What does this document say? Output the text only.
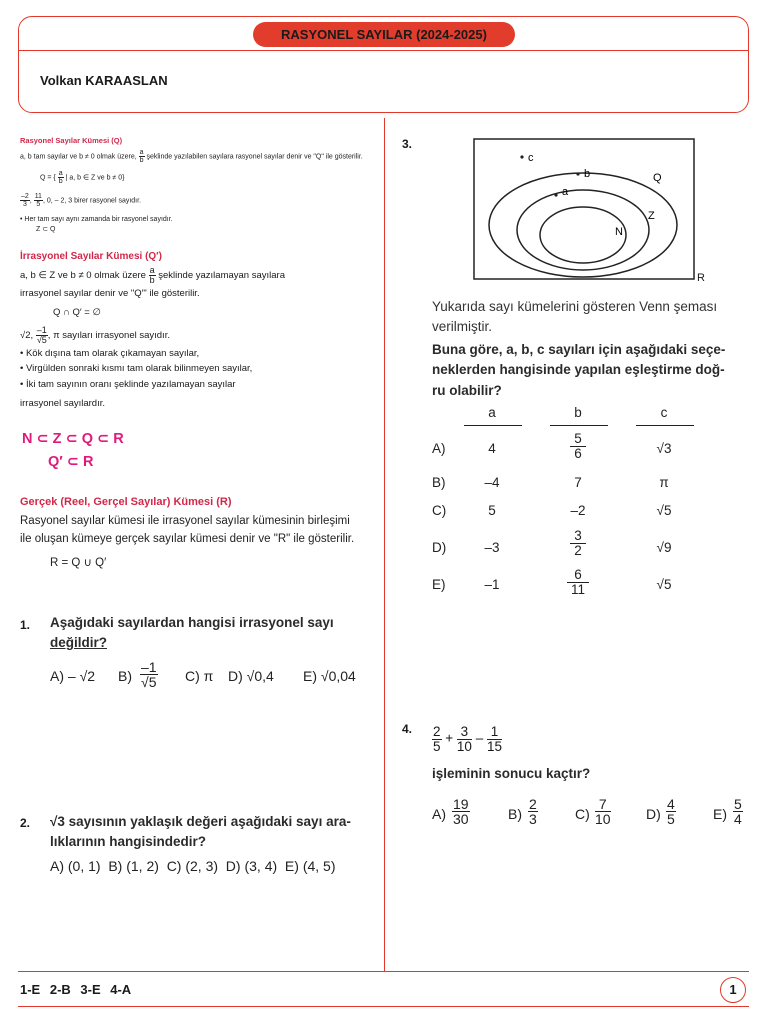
RASYONEL SAYILAR (2024-2025)
Volkan KARAASLAN
Rasyonel Sayılar Kümesi (Q)
a, b tam sayılar ve b ≠ 0 olmak üzere, $\frac{a}{b}$ şeklinde yazılabilen sayılara rasyonel sayılar denir ve "Q" ile gösterilir.
Q = { $\frac{a}{b}$ | a, b ∈ Z ve b ≠ 0}
$\frac{-2}{3}$ , $\frac{11}{5}$ , 0, – 2, 3 birer rasyonel sayıdır.
• Her tam sayı aynı zamanda bir rasyonel sayıdır.
Z ⊂ Q
İrrasyonel Sayılar Kümesi (Q′)
a, b ∈ Z ve b ≠ 0 olmak üzere $\frac{a}{b}$ şeklinde yazılamayan sayılara
irrasyonel sayılar denir ve "Q′" ile gösterilir.
Q ∩ Q′ = ∅
√2, $\frac{-1}{√5}$ , π sayıları irrasyonel sayıdır.
• Kök dışına tam olarak çıkamayan sayılar,
• Virgülden sonraki kısmı tam olarak bilinmeyen sayılar,
• İki tam sayının oranı şeklinde yazılamayan sayılar
irrasyonel sayılardır.
N ⊂ Z ⊂ Q ⊂ R
Q′ ⊂ R
Gerçek (Reel, Gerçel Sayılar) Kümesi (R)
Rasyonel sayılar kümesi ile irrasyonel sayılar kümesinin birleşimi
ile oluşan kümeye gerçek sayılar kümesi denir ve "R" ile gösterilir.
R = Q ∪ Q′
1. Aşağıdaki sayılardan hangisi irrasyonel sayı
değildir?
A) – √2 $B) \frac{-1}{√5} C$) π D) √0,4 E) √0,04
2. √3 sayısının yaklaşık değeri aşağıdaki sayı ara-
lıklarının hangisindedir?
A) (0, 1)  B) (1, 2)  C) (2, 3)  D) (3, 4)  E) (4, 5)
3.
c
b
a
Q
Z
N
R
Yukarıda sayı kümelerini gösteren Venn şeması
verilmiştir.
Buna göre, a, b, c sayıları için aşağıdaki seçe-
neklerden hangisinde yapılan eşleştirme doğ-
ru olabilir?
a	b	c
A)	4	$\frac{5}{6}$	√3
B)	–4	7	π
C)	5	–2	√5
D)	–3	$\frac{3}{2}$	√9
E)	–1	$\frac{6}{11}$	√5
4. $\frac{2}{5} + \frac{3}{10} - \frac{1}{15}$
işleminin sonucu kaçtır?
$A) \frac{19}{30}$	$B) \frac{2}{3}$	$C) \frac{7}{10}$	$D) \frac{4}{5}$	$E) \frac{5}{4}$
1-E 2-B 3-E 4-A	1
